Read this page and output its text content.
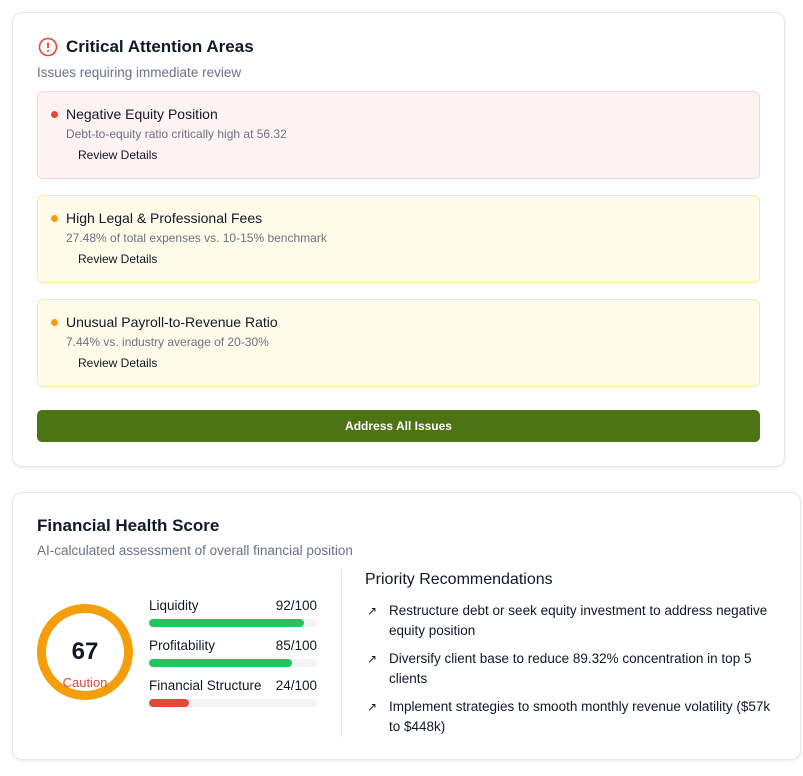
Critical Attention Areas
Issues requiring immediate review
Negative Equity Position
Debt-to-equity ratio critically high at 56.32
Review Details
High Legal & Professional Fees
27.48% of total expenses vs. 10-15% benchmark
Review Details
Unusual Payroll-to-Revenue Ratio
7.44% vs. industry average of 20-30%
Review Details
Address All Issues
Financial Health Score
AI-calculated assessment of overall financial position
67
Caution
Liquidity	92/100
Profitability	85/100
Financial Structure 24/100
Priority Recommendations
↗ Restructure debt or seek equity investment to address negative equity position
↗ Diversify client base to reduce 89.32% concentration in top 5 clients
↗ Implement strategies to smooth monthly revenue volatility ($57k to $448k)
